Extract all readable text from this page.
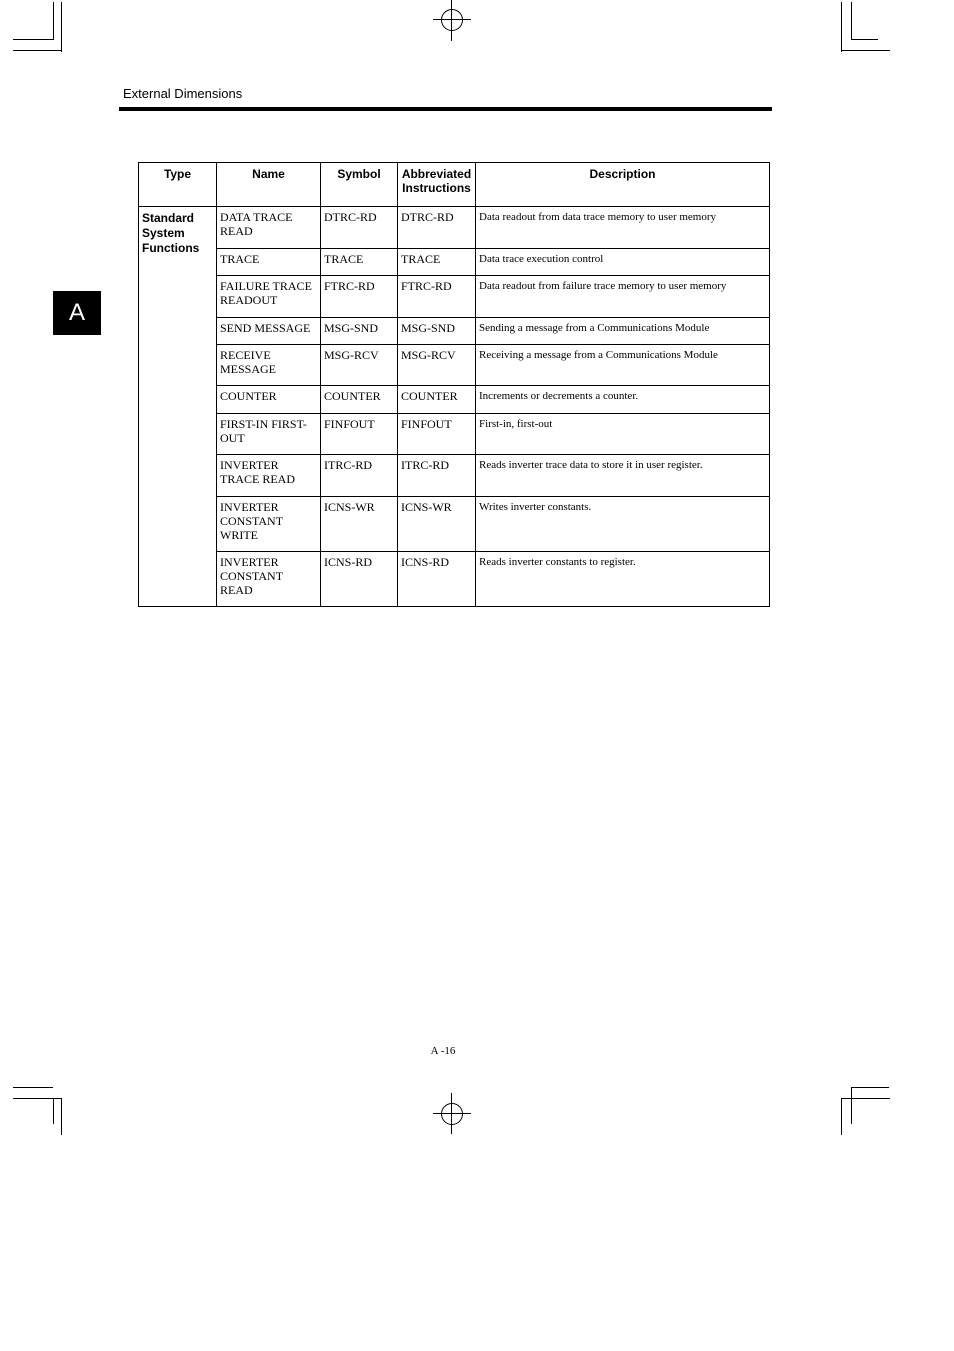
External Dimensions
A
Type	Name	Symbol	Abbreviated Instructions	Description
Standard System Functions	DATA TRACE READ	DTRC-RD	DTRC-RD	Data readout from data trace memory to user memory
	TRACE	TRACE	TRACE	Data trace execution control
	FAILURE TRACE READOUT	FTRC-RD	FTRC-RD	Data readout from failure trace memory to user memory
	SEND MESSAGE	MSG-SND	MSG-SND	Sending a message from a Communications Module
	RECEIVE MESSAGE	MSG-RCV	MSG-RCV	Receiving a message from a Communications Module
	COUNTER	COUNTER	COUNTER	Increments or decrements a counter.
	FIRST-IN FIRST-OUT	FINFOUT	FINFOUT	First-in, first-out
	INVERTER TRACE READ	ITRC-RD	ITRC-RD	Reads inverter trace data to store it in user register.
	INVERTER CONSTANT WRITE	ICNS-WR	ICNS-WR	Writes inverter constants.
	INVERTER CONSTANT READ	ICNS-RD	ICNS-RD	Reads inverter constants to register.
A -16
